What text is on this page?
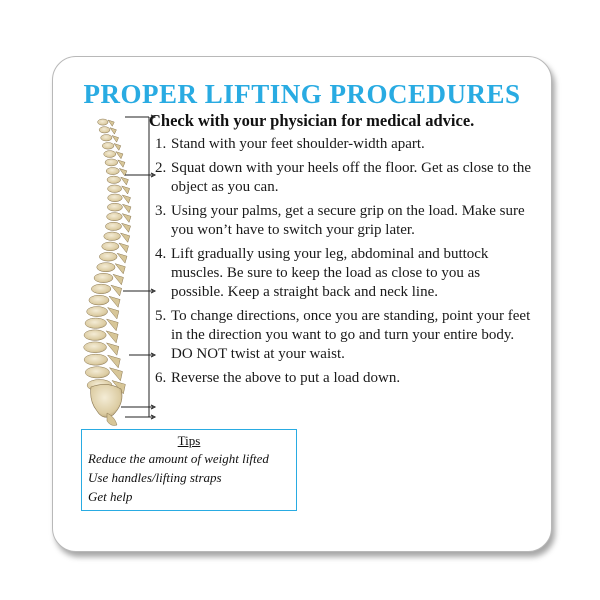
PROPER LIFTING PROCEDURES
Check with your physician for medical advice.
1. Stand with your feet shoulder-width apart.
2. Squat down with your heels off the floor. Get as close to the object as you can.
3. Using your palms, get a secure grip on the load. Make sure you won’t have to switch your grip later.
4. Lift gradually using your leg, abdominal and buttock muscles. Be sure to keep the load as close to you as possible. Keep a straight back and neck line.
5. To change directions, once you are standing, point your feet in the direction you want to go and turn your entire body. DO NOT twist at your waist.
6. Reverse the above to put a load down.
Tips
Reduce the amount of weight lifted
Use handles/lifting straps
Get help
